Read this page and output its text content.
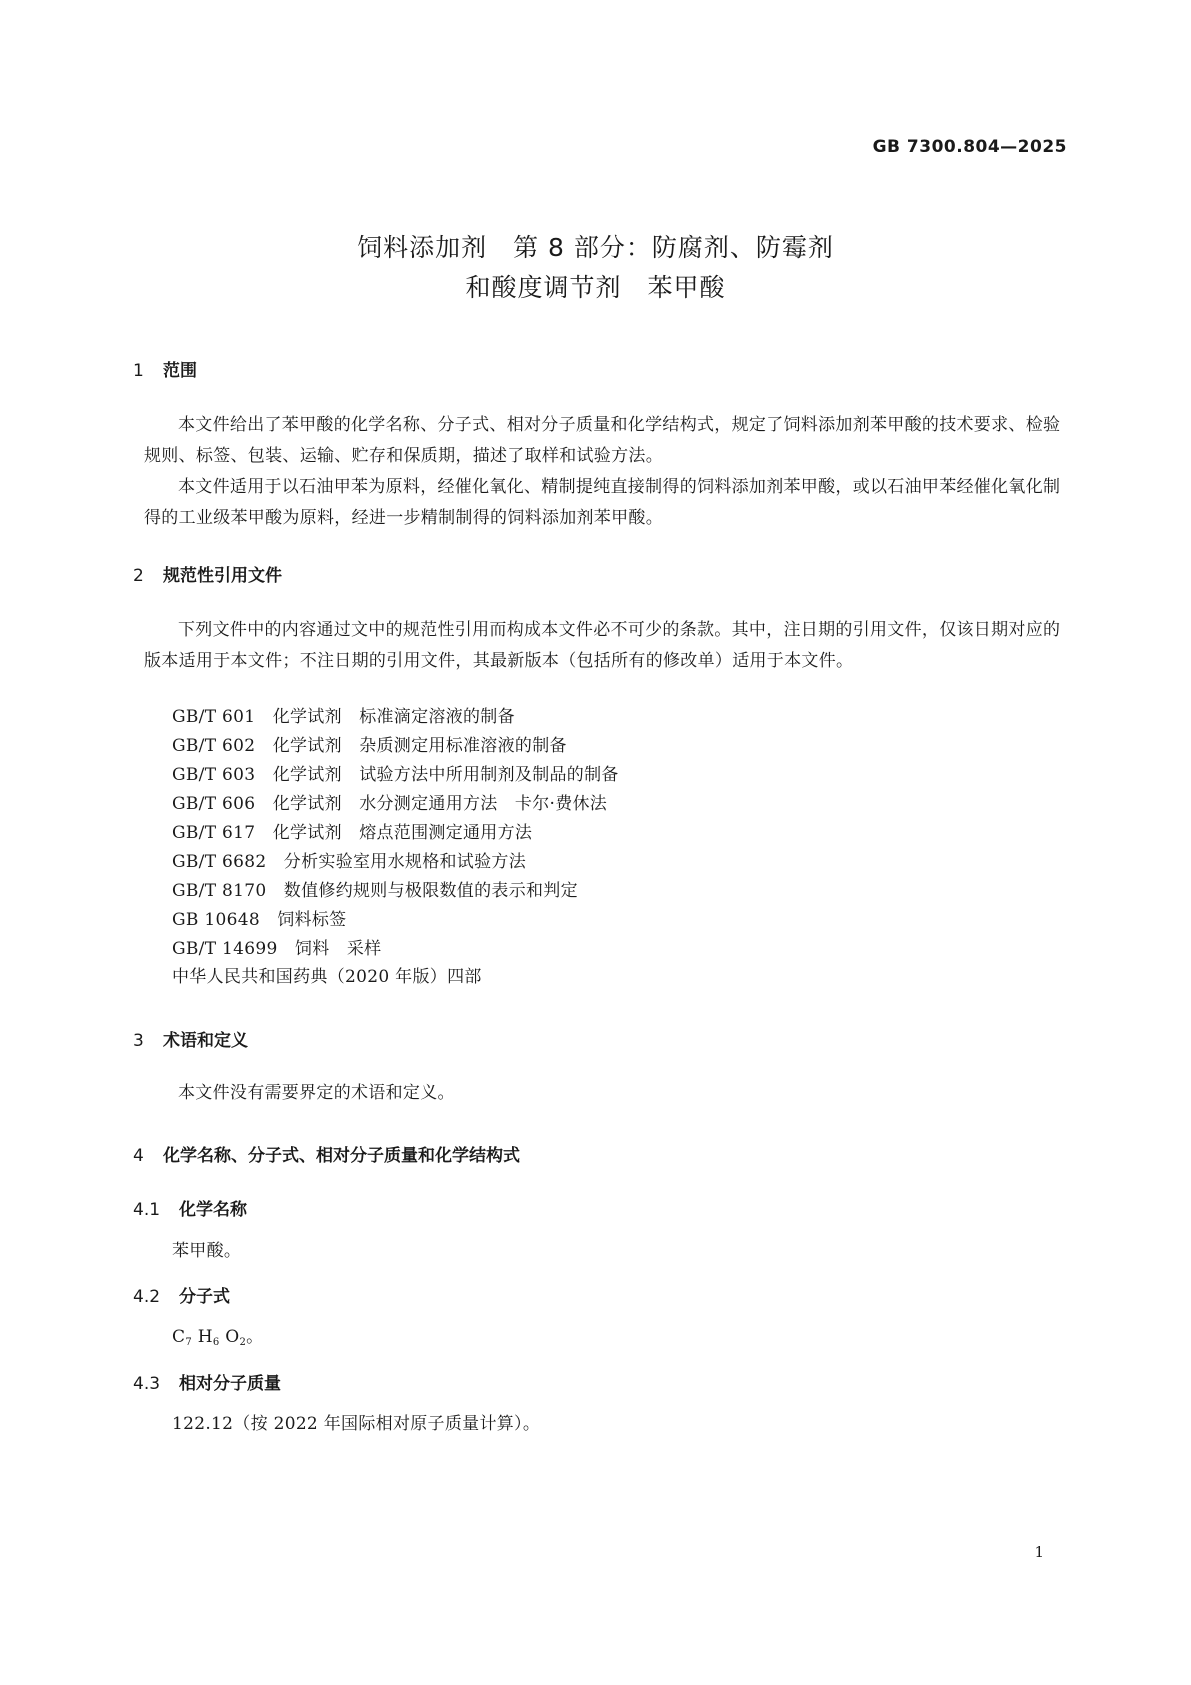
GB 7300.804—2025
饲料添加剂　第 8 部分：防腐剂、防霉剂
和酸度调节剂　苯甲酸
1 范围
本文件给出了苯甲酸的化学名称、分子式、相对分子质量和化学结构式，规定了饲料添加剂苯甲酸的技术要求、检验规则、标签、包装、运输、贮存和保质期，描述了取样和试验方法。
本文件适用于以石油甲苯为原料，经催化氧化、精制提纯直接制得的饲料添加剂苯甲酸，或以石油甲苯经催化氧化制得的工业级苯甲酸为原料，经进一步精制制得的饲料添加剂苯甲酸。
2 规范性引用文件
下列文件中的内容通过文中的规范性引用而构成本文件必不可少的条款。其中，注日期的引用文件，仅该日期对应的版本适用于本文件；不注日期的引用文件，其最新版本（包括所有的修改单）适用于本文件。
GB/T 601　化学试剂　标准滴定溶液的制备
GB/T 602　化学试剂　杂质测定用标准溶液的制备
GB/T 603　化学试剂　试验方法中所用制剂及制品的制备
GB/T 606　化学试剂　水分测定通用方法　卡尔·费休法
GB/T 617　化学试剂　熔点范围测定通用方法
GB/T 6682　分析实验室用水规格和试验方法
GB/T 8170　数值修约规则与极限数值的表示和判定
GB 10648　饲料标签
GB/T 14699　饲料　采样
中华人民共和国药典（2020 年版）四部
3 术语和定义
本文件没有需要界定的术语和定义。
4 化学名称、分子式、相对分子质量和化学结构式
4.1 化学名称
苯甲酸。
4.2 分子式
$C_7$ $H_6$ $O_2$。
4.3 相对分子质量
122.12（按 2022 年国际相对原子质量计算）。
1
